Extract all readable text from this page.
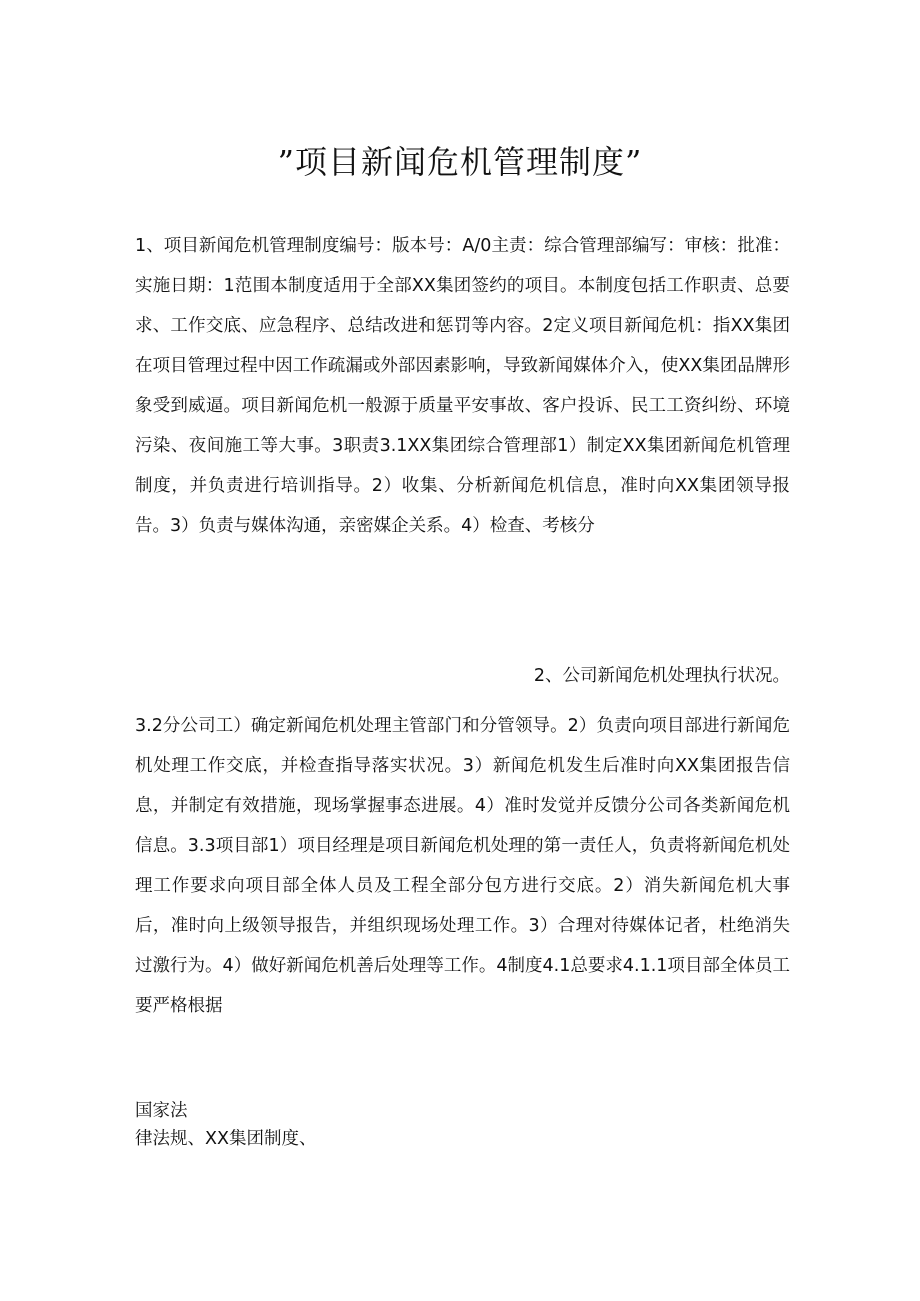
”项目新闻危机管理制度”

1、项目新闻危机管理制度编号：版本号：A/0主责：综合管理部编写：审核：批准：实施日期：1范围本制度适用于全部XX集团签约的项目。本制度包括工作职责、总要求、工作交底、应急程序、总结改进和惩罚等内容。2定义项目新闻危机：指XX集团在项目管理过程中因工作疏漏或外部因素影响，导致新闻媒体介入，使XX集团品牌形象受到威逼。项目新闻危机一般源于质量平安事故、客户投诉、民工工资纠纷、环境污染、夜间施工等大事。3职责3.1XX集团综合管理部1）制定XX集团新闻危机管理制度，并负责进行培训指导。2）收集、分析新闻危机信息，准时向XX集团领导报告。3）负责与媒体沟通，亲密媒企关系。4）检查、考核分

2、公司新闻危机处理执行状况。

3.2分公司工）确定新闻危机处理主管部门和分管领导。2）负责向项目部进行新闻危机处理工作交底，并检查指导落实状况。3）新闻危机发生后准时向XX集团报告信息，并制定有效措施，现场掌握事态进展。4）准时发觉并反馈分公司各类新闻危机信息。3.3项目部1）项目经理是项目新闻危机处理的第一责任人，负责将新闻危机处理工作要求向项目部全体人员及工程全部分包方进行交底。2）消失新闻危机大事后，准时向上级领导报告，并组织现场处理工作。3）合理对待媒体记者，杜绝消失过激行为。4）做好新闻危机善后处理等工作。4制度4.1总要求4.1.1项目部全体员工要严格根据

国家法
律法规、XX集团制度、
